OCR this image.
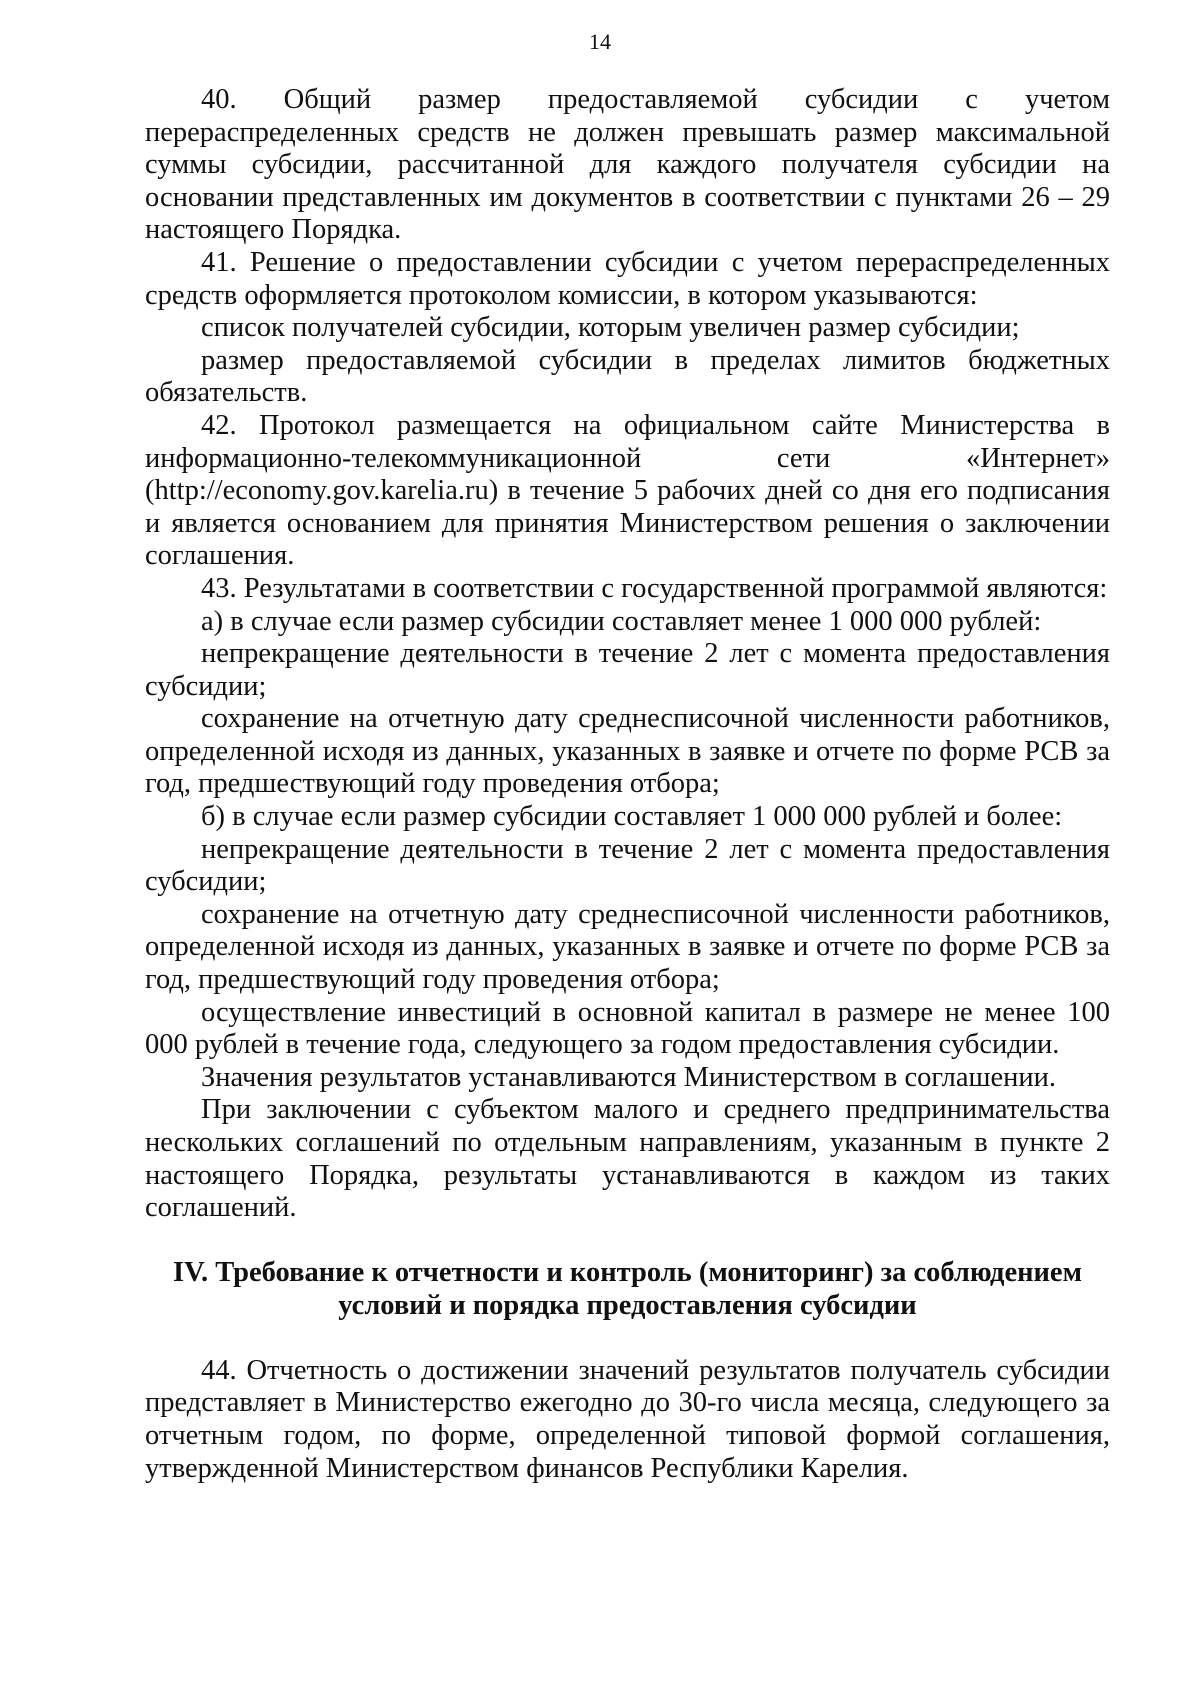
14

40. Общий размер предоставляемой субсидии с учетом перераспределенных средств не должен превышать размер максимальной суммы субсидии, рассчитанной для каждого получателя субсидии на основании представленных им документов в соответствии с пунктами 26 – 29 настоящего Порядка.

41. Решение о предоставлении субсидии с учетом перераспределенных средств оформляется протоколом комиссии, в котором указываются:

список получателей субсидии, которым увеличен размер субсидии;

размер предоставляемой субсидии в пределах лимитов бюджетных обязательств.

42. Протокол размещается на официальном сайте Министерства в информационно-телекоммуникационной сети «Интернет» (http://economy.gov.karelia.ru) в течение 5 рабочих дней со дня его подписания и является основанием для принятия Министерством решения о заключении соглашения.

43. Результатами в соответствии с государственной программой являются:

а) в случае если размер субсидии составляет менее 1 000 000 рублей:

непрекращение деятельности в течение 2 лет с момента предоставления субсидии;

сохранение на отчетную дату среднесписочной численности работников, определенной исходя из данных, указанных в заявке и отчете по форме РСВ за год, предшествующий году проведения отбора;

б) в случае если размер субсидии составляет 1 000 000 рублей и более:

непрекращение деятельности в течение 2 лет с момента предоставления субсидии;

сохранение на отчетную дату среднесписочной численности работников, определенной исходя из данных, указанных в заявке и отчете по форме РСВ за год, предшествующий году проведения отбора;

осуществление инвестиций в основной капитал в размере не менее 100 000 рублей в течение года, следующего за годом предоставления субсидии.

Значения результатов устанавливаются Министерством в соглашении.

При заключении с субъектом малого и среднего предпринимательства нескольких соглашений по отдельным направлениям, указанным в пункте 2 настоящего Порядка, результаты устанавливаются в каждом из таких соглашений.

IV. Требование к отчетности и контроль (мониторинг) за соблюдением
условий и порядка предоставления субсидии

44. Отчетность о достижении значений результатов получатель субсидии представляет в Министерство ежегодно до 30-го числа месяца, следующего за отчетным годом, по форме, определенной типовой формой соглашения, утвержденной Министерством финансов Республики Карелия.
